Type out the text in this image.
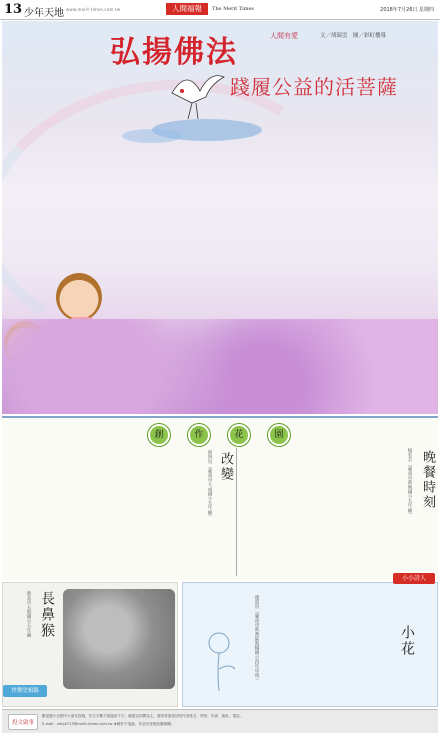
13 少年天地 www.merit-times.com.tw	人間福報	The Merit Times	2018年7月26日 星期四
弘揚佛法	人間有愛	文／胡瑞雲　圖／彩虹樓導
踐履公益的活菩薩
創	作	花	園
晚餐時刻
楊若芸（臺南市新興國小五年級）
改變
蔡妍兒（臺南市大成國小五年級）
長鼻猴
新北市五股國小五年級
快樂塗鴉牆
小小詩人
小花
趙恩渲（臺南市新營區新橋國小四年甲班）
投文啟事
歡迎國小至國中小朋友投稿，作文字數不超過兩千字，圖畫以四開為主，畫紙背面請註明作者姓名、學校、年級、地址、電話。
E-mail：nkhj4713@merit-times.com.tw ★稿件不退還，作品刊登後致贈稿酬。
